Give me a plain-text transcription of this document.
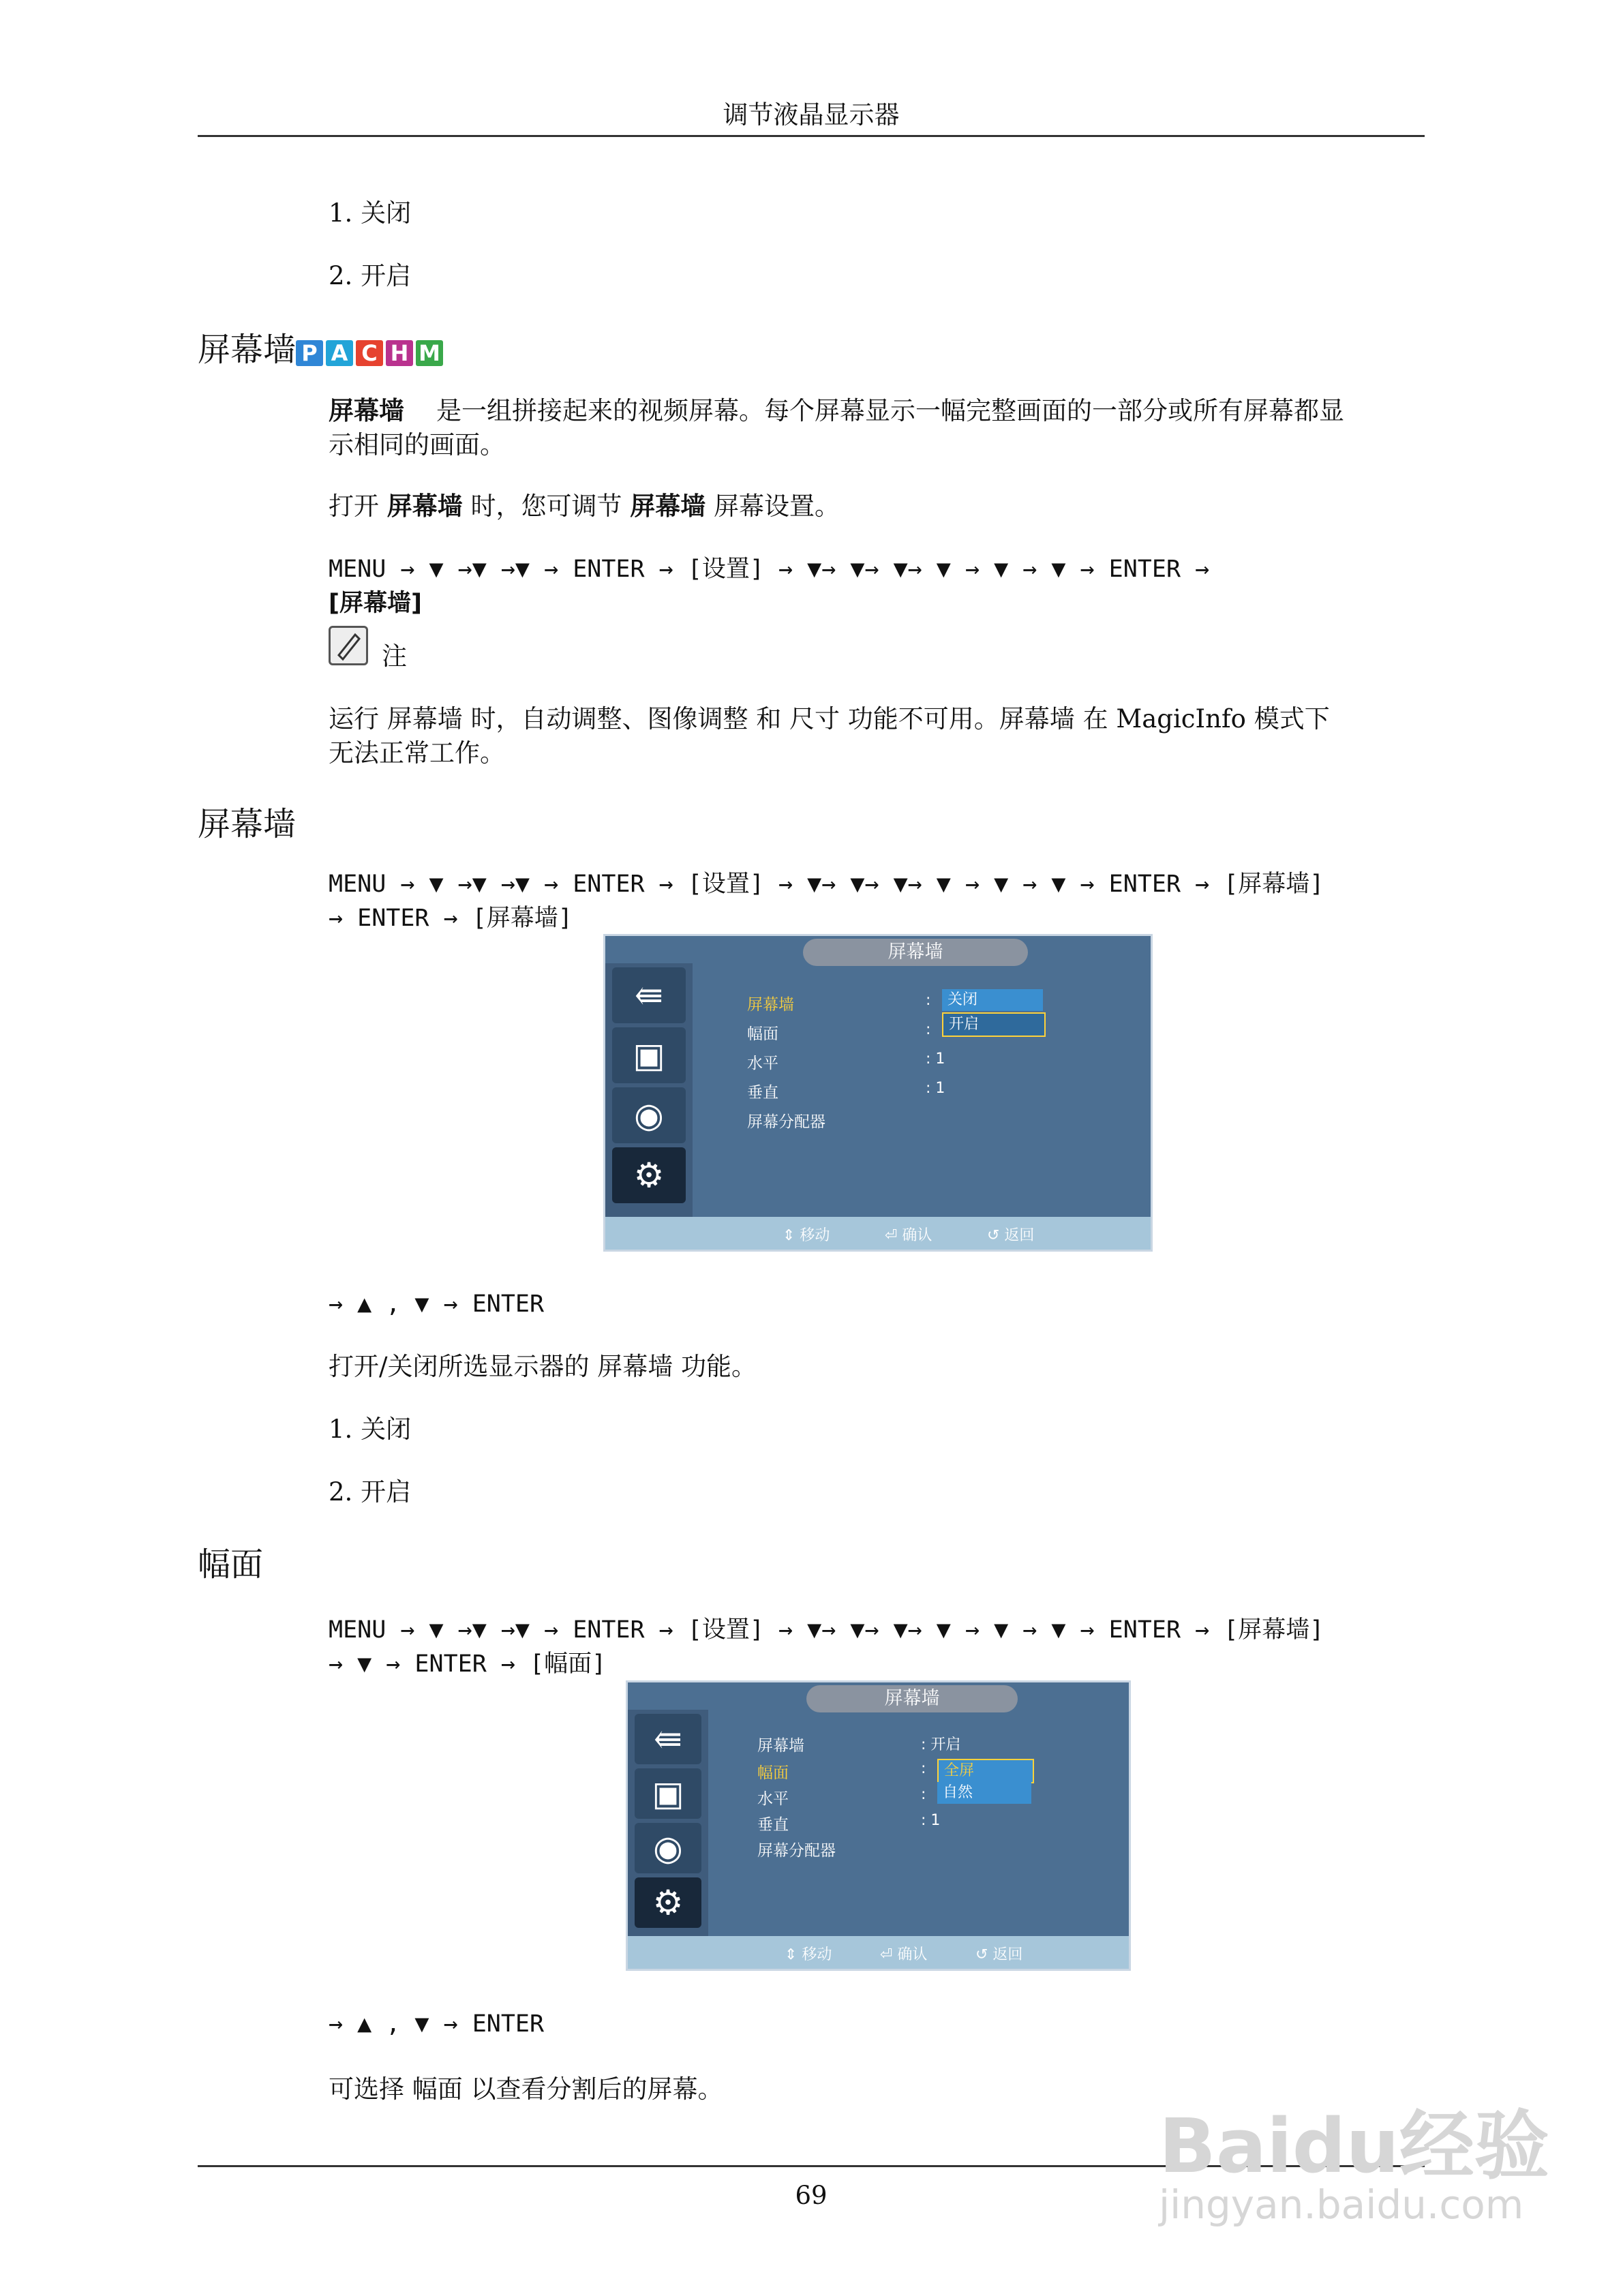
调节液晶显示器
1. 关闭
2. 开启
屏幕墙 P A C H M
屏幕墙 是一组拼接起来的视频屏幕。每个屏幕显示一幅完整画面的一部分或所有屏幕都显
示相同的画面。
打开 屏幕墙 时，您可调节 屏幕墙 屏幕设置。
MENU → ▼ →▼ →▼ → ENTER → [设置] → ▼→ ▼→ ▼→ ▼ → ▼ → ▼ → ENTER →
[屏幕墙]
注
运行 屏幕墙 时，自动调整、图像调整 和 尺寸 功能不可用。屏幕墙 在 MagicInfo 模式下
无法正常工作。
屏幕墙
MENU → ▼ →▼ →▼ → ENTER → [设置] → ▼→ ▼→ ▼→ ▼ → ▼ → ▼ → ENTER → [屏幕墙]
→ ENTER → [屏幕墙]
屏幕墙
⇚
▣
◉
⚙
屏幕墙
幅面
水平
垂直
屏幕分配器
:
:
: 1
: 1
关闭
开启
⇕ 移动	⏎ 确认	↺ 返回
→ ▲ , ▼ → ENTER
打开/关闭所选显示器的 屏幕墙 功能。
1. 关闭
2. 开启
幅面
MENU → ▼ →▼ →▼ → ENTER → [设置] → ▼→ ▼→ ▼→ ▼ → ▼ → ▼ → ENTER → [屏幕墙]
→ ▼ → ENTER → [幅面]
屏幕墙
⇚
▣
◉
⚙
屏幕墙
幅面
水平
垂直
屏幕分配器
: 开启
:
:
: 1
全屏
自然
⇕ 移动	⏎ 确认	↺ 返回
→ ▲ , ▼ → ENTER
可选择 幅面 以查看分割后的屏幕。
69
Baidu经验
jingyan.baidu.com
